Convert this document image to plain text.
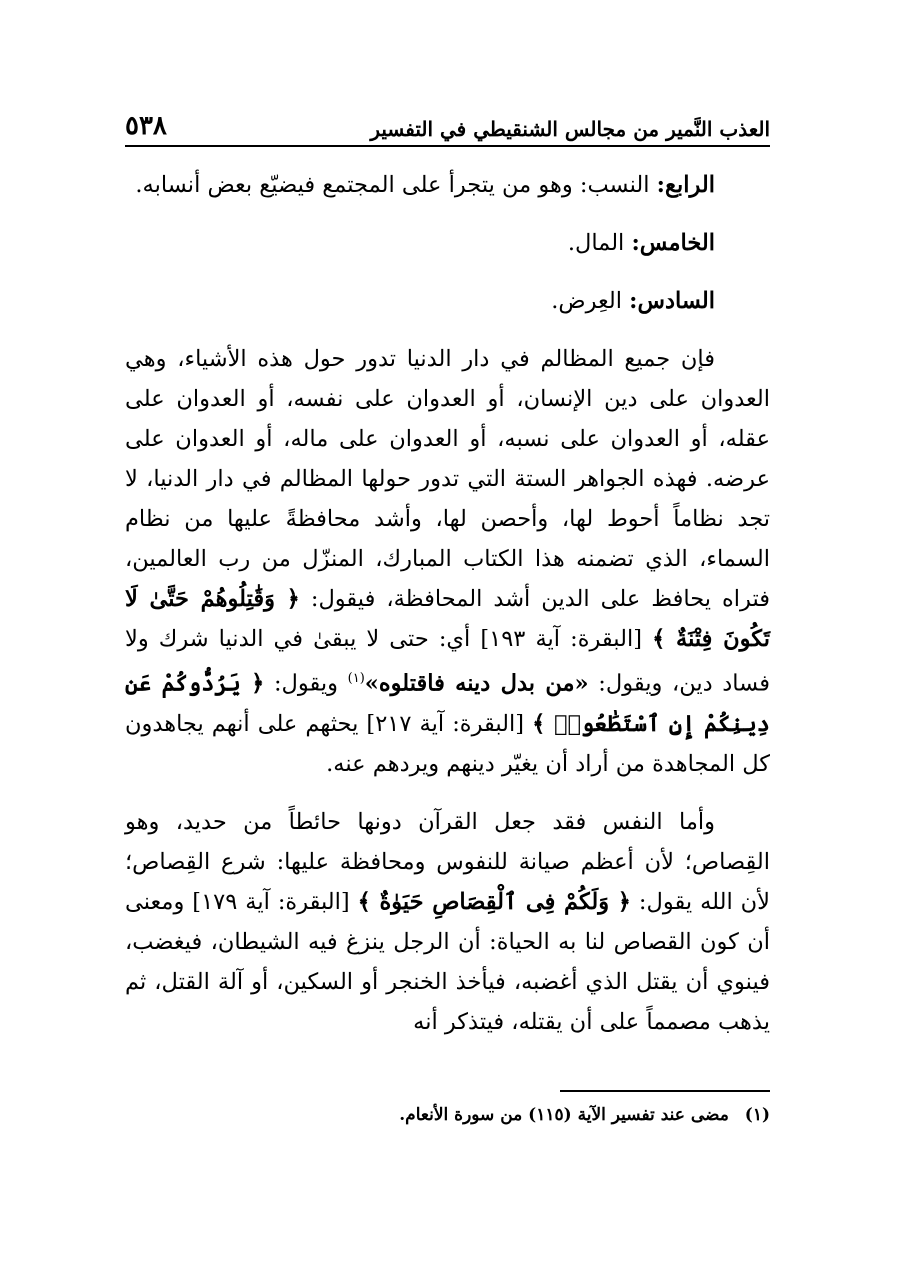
العذب النَّمير من مجالس الشنقيطي في التفسير
٥٣٨

الرابع: النسب: وهو من يتجرأ على المجتمع فيضيّع بعض أنسابه.

الخامس: المال.

السادس: العِرض.

فإن جميع المظالم في دار الدنيا تدور حول هذه الأشياء، وهي العدوان على دين الإنسان، أو العدوان على نفسه، أو العدوان على عقله، أو العدوان على نسبه، أو العدوان على ماله، أو العدوان على عرضه. فهذه الجواهر الستة التي تدور حولها المظالم في دار الدنيا، لا تجد نظاماً أحوط لها، وأحصن لها، وأشد محافظةً عليها من نظام السماء، الذي تضمنه هذا الكتاب المبارك، المنزّل من رب العالمين، فتراه يحافظ على الدين أشد المحافظة، فيقول: ﴿ وَقَٰتِلُوهُمْ حَتَّىٰ لَا تَكُونَ فِتْنَةٌ ﴾ [البقرة: آية ١٩٣] أي: حتى لا يبقىٰ في الدنيا شرك ولا فساد دين، ويقول: «من بدل دينه فاقتلوه»$^{(١)}$ ويقول: ﴿ يَرُدُّوكُمْ عَن دِينِكُمْ إِنِ ٱسْتَطَٰعُوا۟ ﴾ [البقرة: آية ٢١٧] يحثهم على أنهم يجاهدون كل المجاهدة من أراد أن يغيّر دينهم ويردهم عنه.

وأما النفس فقد جعل القرآن دونها حائطاً من حديد، وهو القِصاص؛ لأن أعظم صيانة للنفوس ومحافظة عليها: شرع القِصاص؛ لأن الله يقول: ﴿ وَلَكُمْ فِى ٱلْقِصَاصِ حَيَوٰةٌ ﴾ [البقرة: آية ١٧٩] ومعنى أن كون القصاص لنا به الحياة: أن الرجل ينزغ فيه الشيطان، فيغضب، فينوي أن يقتل الذي أغضبه، فيأخذ الخنجر أو السكين، أو آلة القتل، ثم يذهب مصمماً على أن يقتله، فيتذكر أنه

(١) مضى عند تفسير الآية (١١٥) من سورة الأنعام.
